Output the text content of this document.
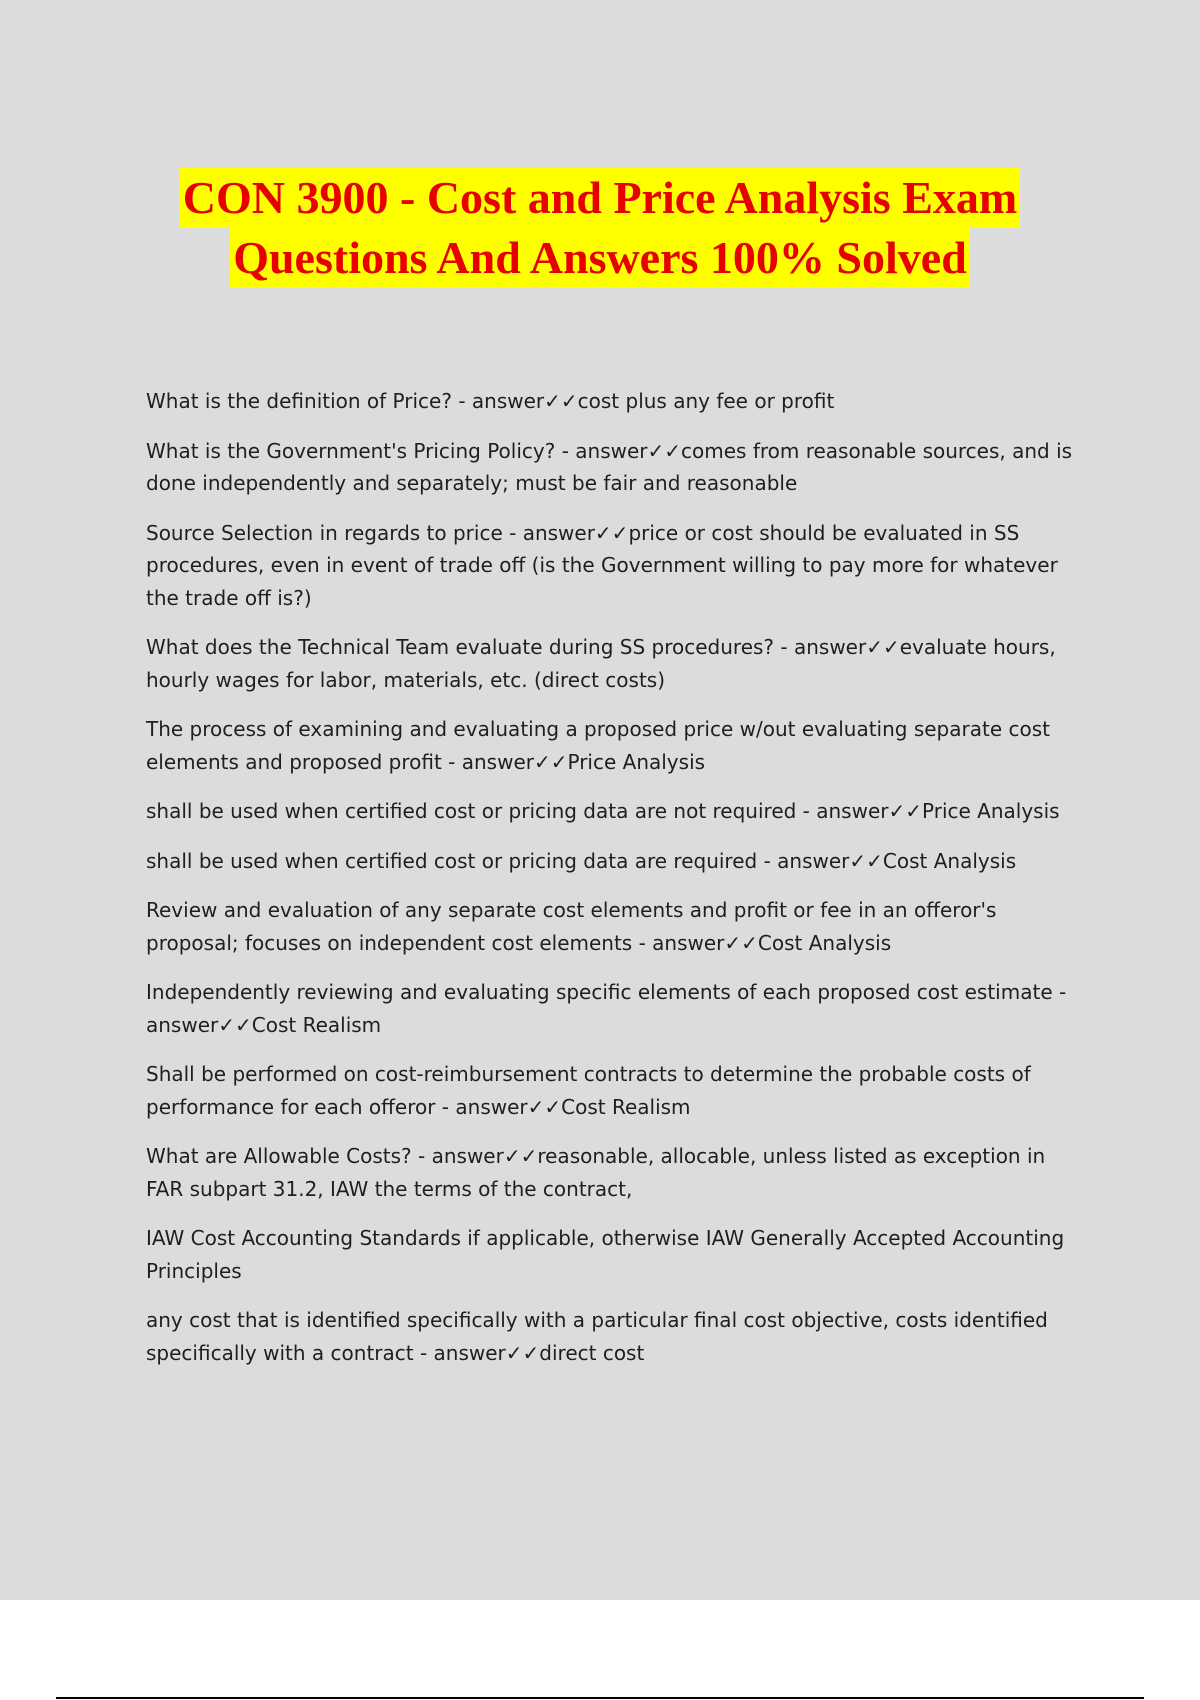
CON 3900 - Cost and Price Analysis Exam
Questions And Answers 100% Solved
What is the definition of Price? - answer✓✓cost plus any fee or profit
What is the Government's Pricing Policy? - answer✓✓comes from reasonable sources, and is done independently and separately; must be fair and reasonable
Source Selection in regards to price - answer✓✓price or cost should be evaluated in SS procedures, even in event of trade off (is the Government willing to pay more for whatever the trade off is?)
What does the Technical Team evaluate during SS procedures? - answer✓✓evaluate hours, hourly wages for labor, materials, etc. (direct costs)
The process of examining and evaluating a proposed price w/out evaluating separate cost elements and proposed profit - answer✓✓Price Analysis
shall be used when certified cost or pricing data are not required - answer✓✓Price Analysis
shall be used when certified cost or pricing data are required - answer✓✓Cost Analysis
Review and evaluation of any separate cost elements and profit or fee in an offeror's proposal; focuses on independent cost elements - answer✓✓Cost Analysis
Independently reviewing and evaluating specific elements of each proposed cost estimate - answer✓✓Cost Realism
Shall be performed on cost-reimbursement contracts to determine the probable costs of performance for each offeror - answer✓✓Cost Realism
What are Allowable Costs? - answer✓✓reasonable, allocable, unless listed as exception in FAR subpart 31.2, IAW the terms of the contract,
IAW Cost Accounting Standards if applicable, otherwise IAW Generally Accepted Accounting Principles
any cost that is identified specifically with a particular final cost objective, costs identified specifically with a contract - answer✓✓direct cost
